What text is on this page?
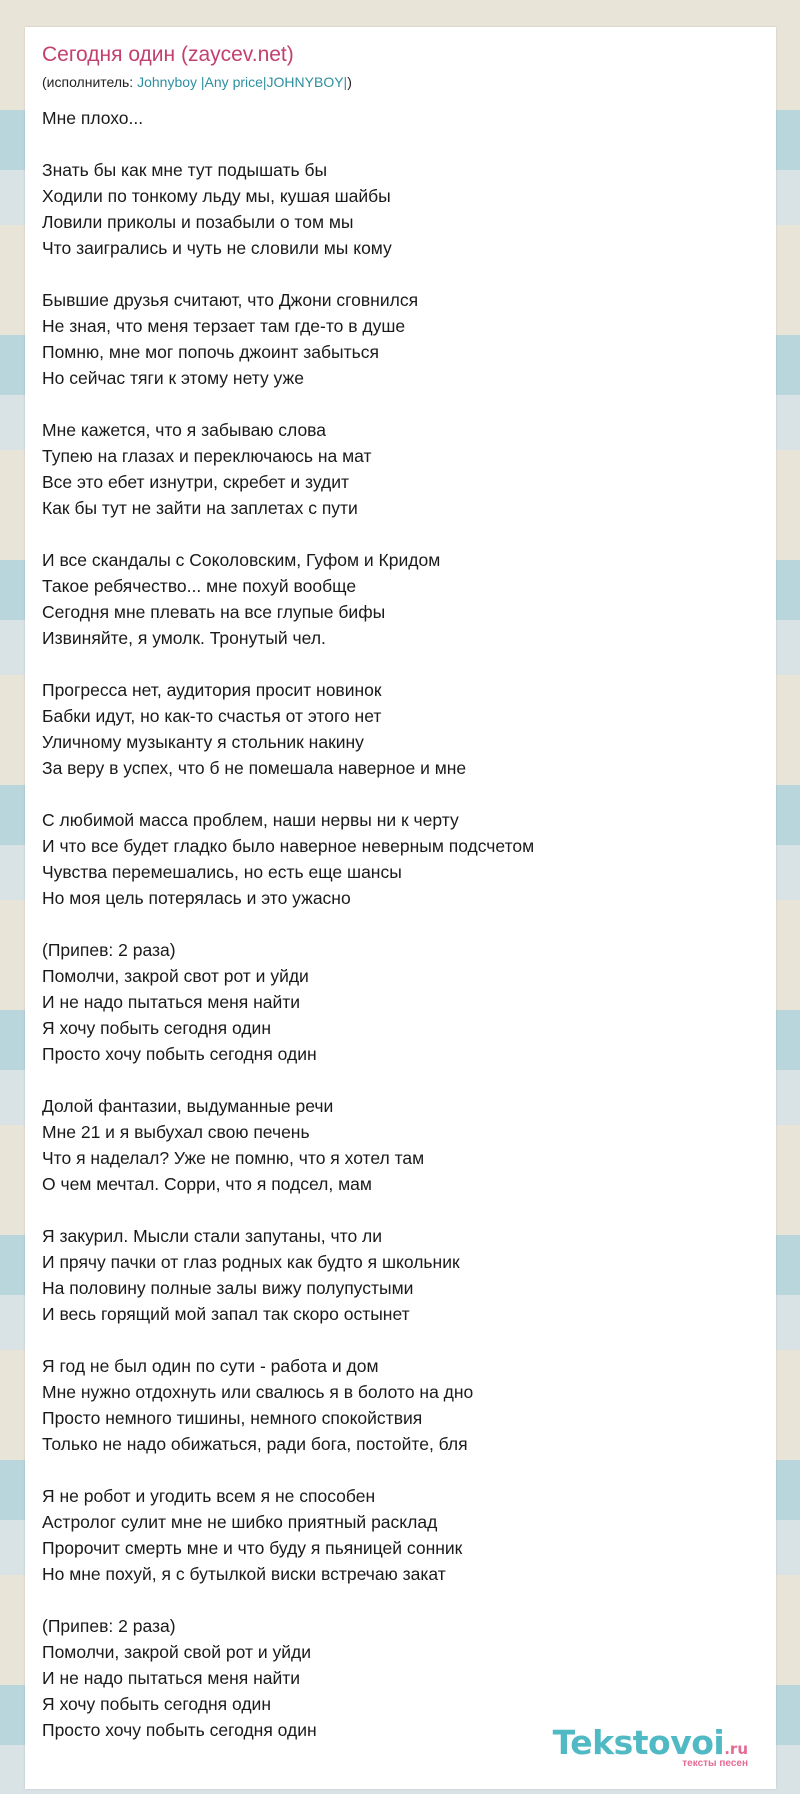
Сегодня один (zaycev.net)
(исполнитель: Johnyboy |Any price|JOHNYBOY|)
Мне плохо...

Знать бы как мне тут подышать бы
Ходили по тонкому льду мы, кушая шайбы
Ловили приколы и позабыли о том мы
Что заигрались и чуть не словили мы кому

Бывшие друзья считают, что Джони сговнился
Не зная, что меня терзает там где-то в душе
Помню, мне мог попочь джоинт забыться
Но сейчас тяги к этому нету уже

Мне кажется, что я забываю слова
Тупею на глазах и переключаюсь на мат
Все это ебет изнутри, скребет и зудит
Как бы тут не зайти на заплетах с пути

И все скандалы с Соколовским, Гуфом и Кридом
Такое ребячество... мне похуй вообще
Сегодня мне плевать на все глупые бифы
Извиняйте, я умолк. Тронутый чел.

Прогресса нет, аудитория просит новинок
Бабки идут, но как-то счастья от этого нет
Уличному музыканту я стольник накину
За веру в успех, что б не помешала наверное и мне

С любимой масса проблем, наши нервы ни к черту
И что все будет гладко было наверное неверным подсчетом
Чувства перемешались, но есть еще шансы
Но моя цель потерялась и это ужасно

(Припев: 2 раза)
Помолчи, закрой свот рот и уйди
И не надо пытаться меня найти
Я хочу побыть сегодня один
Просто хочу побыть сегодня один

Долой фантазии, выдуманные речи
Мне 21 и я выбухал свою печень
Что я наделал? Уже не помню, что я хотел там
О чем мечтал. Сорри, что я подсел, мам

Я закурил. Мысли стали запутаны, что ли
И прячу пачки от глаз родных как будто я школьник
На половину полные залы вижу полупустыми
И весь горящий мой запал так скоро остынет

Я год не был один по сути - работа и дом
Мне нужно отдохнуть или свалюсь я в болото на дно
Просто немного тишины, немного спокойствия
Только не надо обижаться, ради бога, постойте, бля

Я не робот и угодить всем я не способен
Астролог сулит мне не шибко приятный расклад
Пророчит смерть мне и что буду я пьяницей сонник
Но мне похуй, я с бутылкой виски встречаю закат

(Припев: 2 раза)
Помолчи, закрой свой рот и уйди
И не надо пытаться меня найти
Я хочу побыть сегодня один
Просто хочу побыть сегодня один	Tekstovoi.ru
тексты песен
